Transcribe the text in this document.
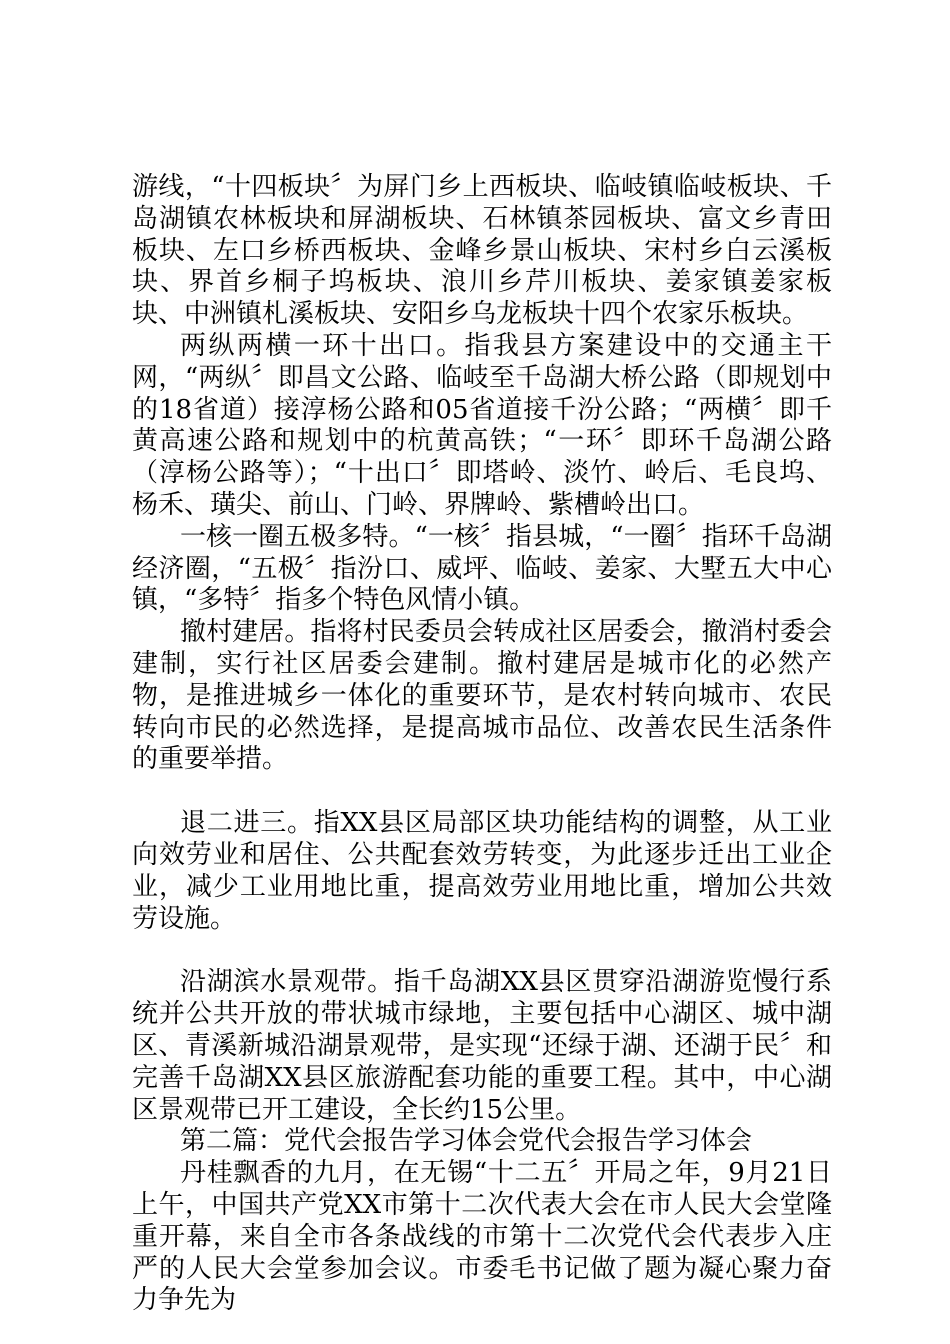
游线，“十四板块〞为屏门乡上西板块、临岐镇临岐板块、千岛湖镇农林板块和屏湖板块、石林镇茶园板块、富文乡青田板块、左口乡桥西板块、金峰乡景山板块、宋村乡白云溪板块、界首乡桐子坞板块、浪川乡芹川板块、姜家镇姜家板块、中洲镇札溪板块、安阳乡乌龙板块十四个农家乐板块。

两纵两横一环十出口。指我县方案建设中的交通主干网，“两纵〞即昌文公路、临岐至千岛湖大桥公路（即规划中的18省道）接淳杨公路和05省道接千汾公路；“两横〞即千黄高速公路和规划中的杭黄高铁；“一环〞即环千岛湖公路（淳杨公路等）；“十出口〞即塔岭、淡竹、岭后、毛良坞、杨禾、璜尖、前山、门岭、界牌岭、紫槽岭出口。

一核一圈五极多特。“一核〞指县城，“一圈〞指环千岛湖经济圈，“五极〞指汾口、威坪、临岐、姜家、大墅五大中心镇，“多特〞指多个特色风情小镇。

撤村建居。指将村民委员会转成社区居委会，撤消村委会建制，实行社区居委会建制。撤村建居是城市化的必然产物，是推进城乡一体化的重要环节，是农村转向城市、农民转向市民的必然选择，是提高城市品位、改善农民生活条件的重要举措。

退二进三。指XX县区局部区块功能结构的调整，从工业向效劳业和居住、公共配套效劳转变，为此逐步迁出工业企业，减少工业用地比重，提高效劳业用地比重，增加公共效劳设施。

沿湖滨水景观带。指千岛湖XX县区贯穿沿湖游览慢行系统并公共开放的带状城市绿地，主要包括中心湖区、城中湖区、青溪新城沿湖景观带，是实现“还绿于湖、还湖于民〞和完善千岛湖XX县区旅游配套功能的重要工程。其中，中心湖区景观带已开工建设，全长约15公里。

第二篇：党代会报告学习体会党代会报告学习体会

丹桂飘香的九月，在无锡“十二五〞开局之年，9月21日上午，中国共产党XX市第十二次代表大会在市人民大会堂隆重开幕，来自全市各条战线的市第十二次党代会代表步入庄严的人民大会堂参加会议。市委毛书记做了题为凝心聚力奋力争先为
